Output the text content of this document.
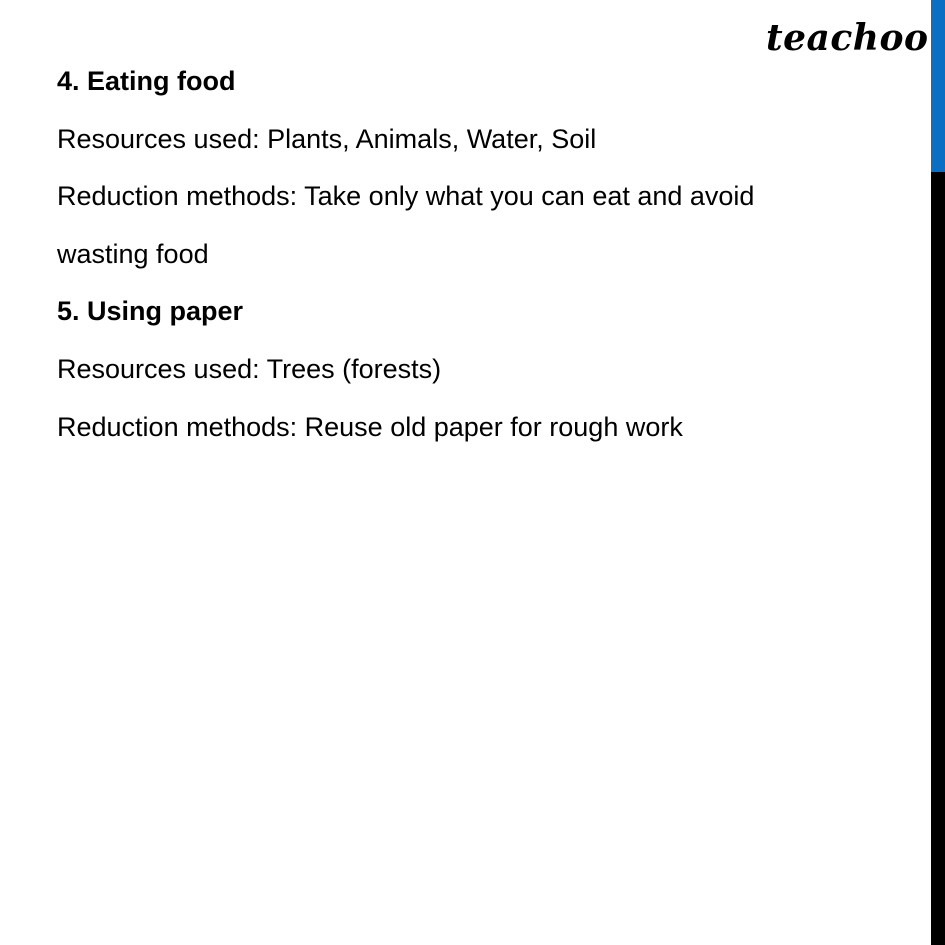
teachoo
4. Eating food
Resources used: Plants, Animals, Water, Soil
Reduction methods: Take only what you can eat and avoid
wasting food
5. Using paper
Resources used: Trees (forests)
Reduction methods: Reuse old paper for rough work
